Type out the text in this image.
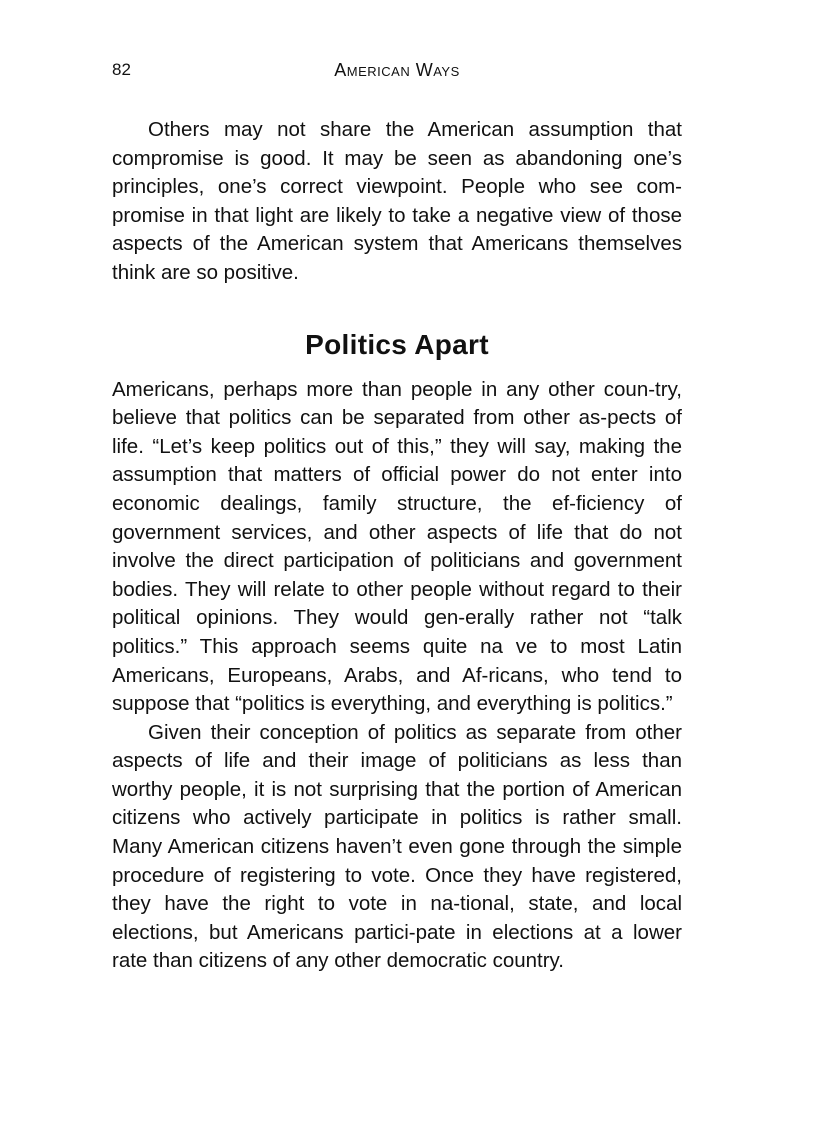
82	American Ways

Others may not share the American assumption that compromise is good. It may be seen as abandoning one’s principles, one’s correct viewpoint. People who see com-promise in that light are likely to take a negative view of those aspects of the American system that Americans themselves think are so positive.

Politics Apart

Americans, perhaps more than people in any other coun-try, believe that politics can be separated from other as-pects of life. “Let’s keep politics out of this,” they will say, making the assumption that matters of official power do not enter into economic dealings, family structure, the ef-ficiency of government services, and other aspects of life that do not involve the direct participation of politicians and government bodies. They will relate to other people without regard to their political opinions. They would gen-erally rather not “talk politics.” This approach seems quite na ve to most Latin Americans, Europeans, Arabs, and Af-ricans, who tend to suppose that “politics is everything, and everything is politics.”

Given their conception of politics as separate from other aspects of life and their image of politicians as less than worthy people, it is not surprising that the portion of American citizens who actively participate in politics is rather small. Many American citizens haven’t even gone through the simple procedure of registering to vote. Once they have registered, they have the right to vote in na-tional, state, and local elections, but Americans partici-pate in elections at a lower rate than citizens of any other democratic country.
